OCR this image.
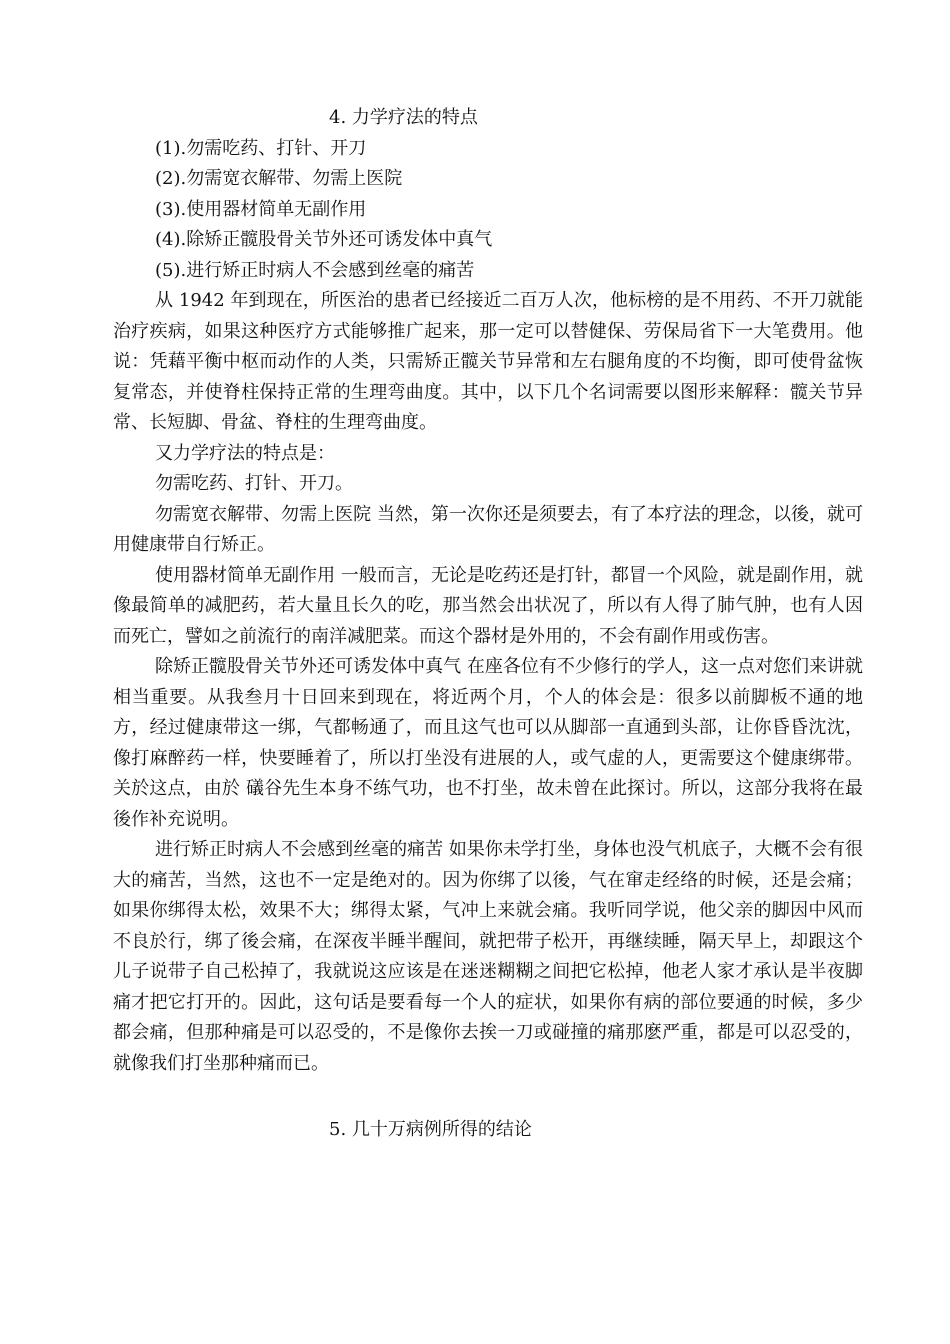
4. 力学疗法的特点

(1).勿需吃药、打针、开刀

(2).勿需宽衣解带、勿需上医院

(3).使用器材简单无副作用

(4).除矫正髋股骨关节外还可诱发体中真气

(5).进行矫正时病人不会感到丝毫的痛苦

从 1942 年到现在，所医治的患者已经接近二百万人次，他标榜的是不用药、不开刀就能治疗疾病，如果这种医疗方式能够推广起来，那一定可以替健保、劳保局省下一大笔费用。他说：凭藉平衡中枢而动作的人类，只需矫正髋关节异常和左右腿角度的不均衡，即可使骨盆恢复常态，并使脊柱保持正常的生理弯曲度。其中，以下几个名词需要以图形来解释：髋关节异常、长短脚、骨盆、脊柱的生理弯曲度。

又力学疗法的特点是：

勿需吃药、打针、开刀。

勿需宽衣解带、勿需上医院 当然，第一次你还是须要去，有了本疗法的理念，以後，就可用健康带自行矫正。

使用器材简单无副作用 一般而言，无论是吃药还是打针，都冒一个风险，就是副作用，就像最简单的减肥药，若大量且长久的吃，那当然会出状况了，所以有人得了肺气肿，也有人因而死亡，譬如之前流行的南洋减肥菜。而这个器材是外用的，不会有副作用或伤害。

除矫正髋股骨关节外还可诱发体中真气 在座各位有不少修行的学人，这一点对您们来讲就相当重要。从我叁月十日回来到现在，将近两个月，个人的体会是：很多以前脚板不通的地方，经过健康带这一绑，气都畅通了，而且这气也可以从脚部一直通到头部，让你昏昏沈沈，像打麻醉药一样，快要睡着了，所以打坐没有进展的人，或气虚的人，更需要这个健康绑带。关於这点，由於 礒谷先生本身不练气功，也不打坐，故未曾在此探讨。所以，这部分我将在最後作补充说明。

进行矫正时病人不会感到丝毫的痛苦 如果你未学打坐，身体也没气机底子，大概不会有很大的痛苦，当然，这也不一定是绝对的。因为你绑了以後，气在窜走经络的时候，还是会痛；如果你绑得太松，效果不大；绑得太紧，气冲上来就会痛。我听同学说，他父亲的脚因中风而不良於行，绑了後会痛，在深夜半睡半醒间，就把带子松开，再继续睡，隔天早上，却跟这个儿子说带子自己松掉了，我就说这应该是在迷迷糊糊之间把它松掉，他老人家才承认是半夜脚痛才把它打开的。因此，这句话是要看每一个人的症状，如果你有病的部位要通的时候，多少都会痛，但那种痛是可以忍受的，不是像你去挨一刀或碰撞的痛那麽严重，都是可以忍受的，就像我们打坐那种痛而已。

5. 几十万病例所得的结论
